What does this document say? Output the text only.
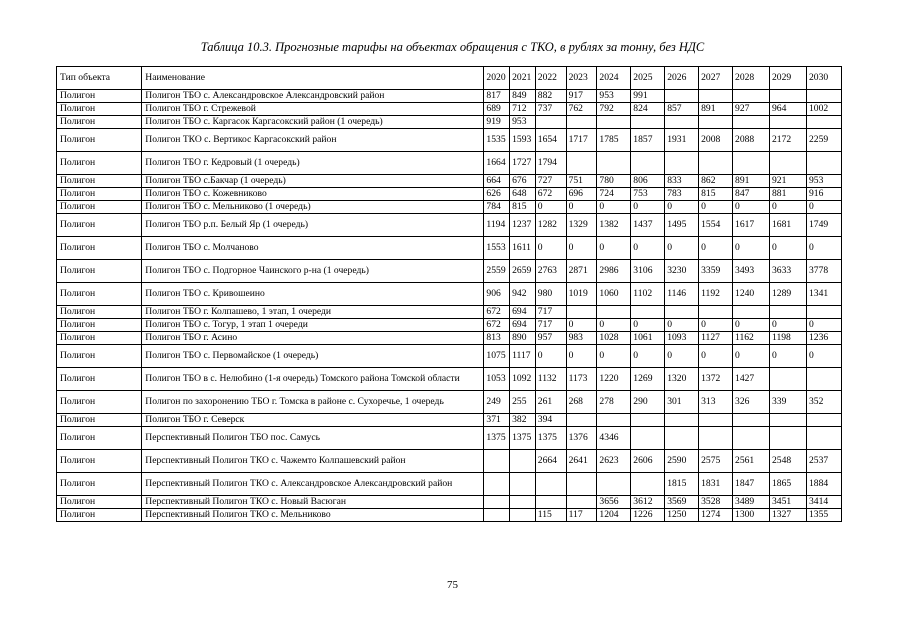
Таблица 10.3. Прогнозные тарифы на объектах обращения с ТКО, в рублях за тонну, без НДС
Тип объекта	Наименование	2020	2021	2022	2023	2024	2025	2026	2027	2028	2029	2030
Полигон	Полигон ТБО с. Александровское Александровский район	817	849	882	917	953	991					
Полигон	Полигон ТБО г. Стрежевой	689	712	737	762	792	824	857	891	927	964	1002
Полигон	Полигон ТБО с. Каргасок Каргасокский район (1 очередь)	919	953									
Полигон	Полигон ТКО с. Вертикос Каргасокский район	1535	1593	1654	1717	1785	1857	1931	2008	2088	2172	2259
Полигон	Полигон ТБО г. Кедровый (1 очередь)	1664	1727	1794								
Полигон	Полигон ТБО с.Бакчар (1 очередь)	664	676	727	751	780	806	833	862	891	921	953
Полигон	Полигон ТБО с. Кожевниково	626	648	672	696	724	753	783	815	847	881	916
Полигон	Полигон ТБО с. Мельниково (1 очередь)	784	815	0	0	0	0	0	0	0	0	0
Полигон	Полигон ТБО р.п. Белый Яр (1 очередь)	1194	1237	1282	1329	1382	1437	1495	1554	1617	1681	1749
Полигон	Полигон ТБО с. Молчаново	1553	1611	0	0	0	0	0	0	0	0	0
Полигон	Полигон ТБО с. Подгорное Чаинского р-на (1 очередь)	2559	2659	2763	2871	2986	3106	3230	3359	3493	3633	3778
Полигон	Полигон ТБО с. Кривошеино	906	942	980	1019	1060	1102	1146	1192	1240	1289	1341
Полигон	Полигон ТБО г. Колпашево, 1 этап, 1 очереди	672	694	717								
Полигон	Полигон ТБО с. Тогур, 1 этап 1 очереди	672	694	717	0	0	0	0	0	0	0	0
Полигон	Полигон ТБО г. Асино	813	890	957	983	1028	1061	1093	1127	1162	1198	1236
Полигон	Полигон ТБО с. Первомайское (1 очередь)	1075	1117	0	0	0	0	0	0	0	0	0
Полигон	Полигон ТБО в с. Нелюбино (1-я очередь) Томского района Томской области	1053	1092	1132	1173	1220	1269	1320	1372	1427		
Полигон	Полигон по захоронению ТБО г. Томска в районе с. Сухоречье, 1 очередь	249	255	261	268	278	290	301	313	326	339	352
Полигон	Полигон ТБО г. Северск	371	382	394								
Полигон	Перспективный Полигон ТБО пос. Самусь	1375	1375	1375	1376	4346						
Полигон	Перспективный Полигон ТКО с. Чажемто Колпашевский район			2664	2641	2623	2606	2590	2575	2561	2548	2537
Полигон	Перспективный Полигон ТКО с. Александровское Александровский район							1815	1831	1847	1865	1884
Полигон	Перспективный Полигон ТКО с. Новый Васюган					3656	3612	3569	3528	3489	3451	3414
Полигон	Перспективный Полигон ТКО с. Мельниково			115	117	1204	1226	1250	1274	1300	1327	1355
75
